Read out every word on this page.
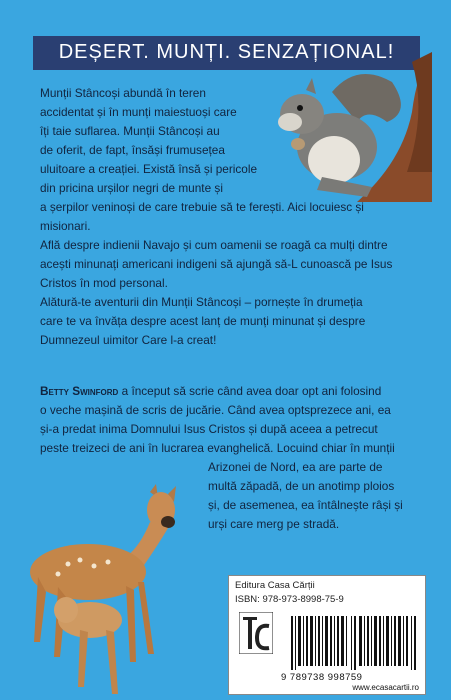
DEȘERT. MUNȚI. SENZAȚIONAL!
Munții Stâncoși abundă în teren
accidentat și în munți maiestuoși care
îți taie suflarea. Munții Stâncoși au
de oferit, de fapt, însăși frumusețea
uluitoare a creației. Există însă și pericole
din pricina urșilor negri de munte și
a șerpilor veninoși de care trebuie să te ferești. Aici locuiesc și
misionari.
Află despre indienii Navajo și cum oamenii se roagă ca mulți dintre
acești minunați americani indigeni să ajungă să-L cunoască pe Isus
Cristos în mod personal.
Alătură-te aventurii din Munții Stâncoși – pornește în drumeția
care te va învăța despre acest lanț de munți minunat și despre
Dumnezeul uimitor Care l-a creat!
Betty Swinford a început să scrie când avea doar opt ani folosind
o veche mașină de scris de jucărie. Când avea optsprezece ani, ea
și-a predat inima Domnului Isus Cristos și după aceea a petrecut
peste treizeci de ani în lucrarea evanghelică. Locuind chiar în munții
Arizonei de Nord, ea are parte de
multă zăpadă, de un anotimp ploios
și, de asemenea, ea întâlnește râși și
urși care merg pe stradă.
Editura Casa Cărții
ISBN: 978-973-8998-75-9
9 789738 998759
www.ecasacartii.ro
